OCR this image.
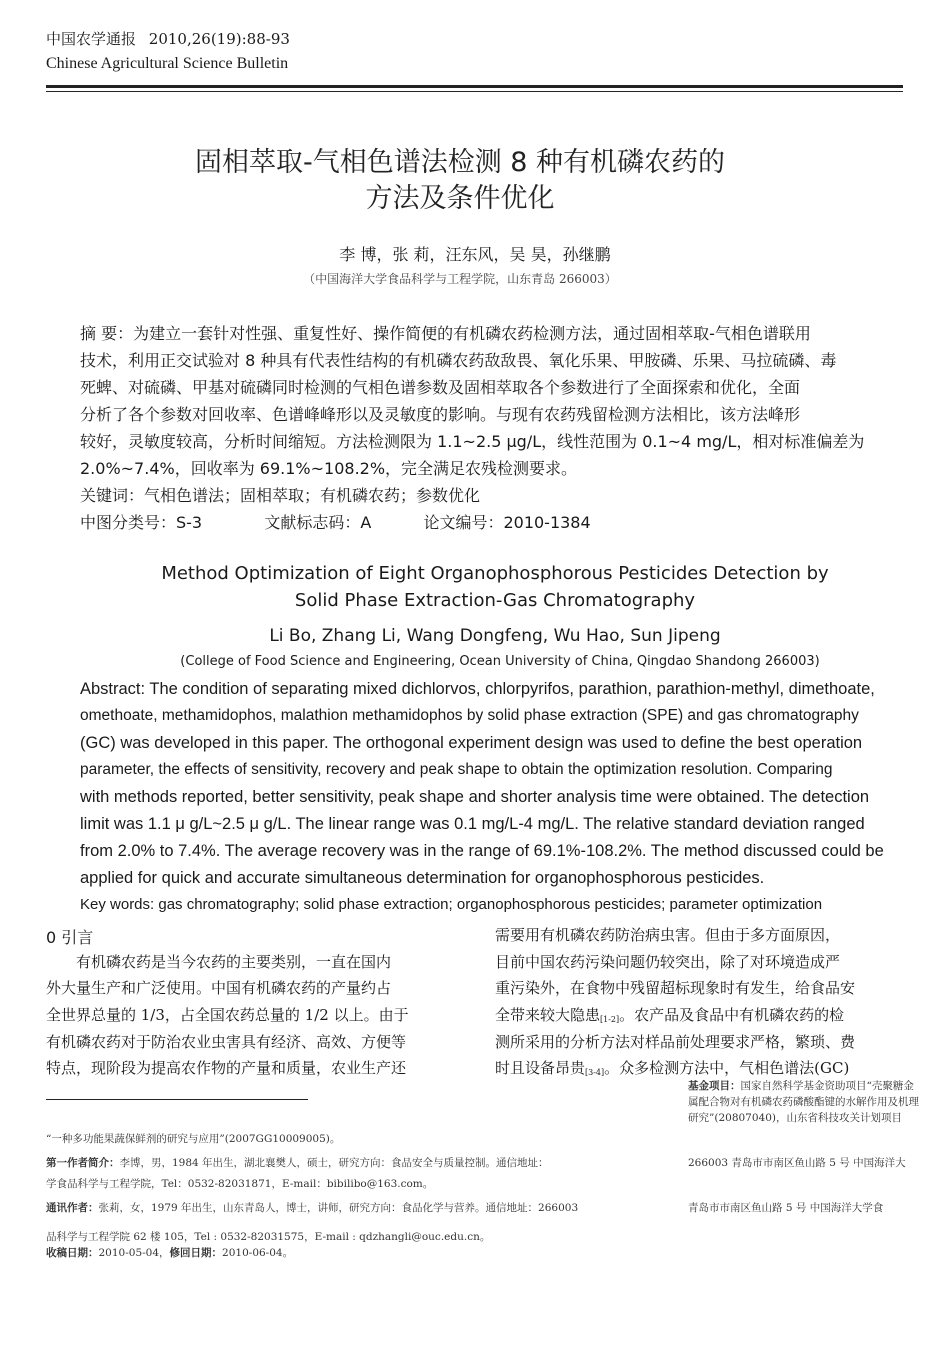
中国农学通报 2010,26(19):88-93
Chinese Agricultural Science Bulletin
固相萃取-气相色谱法检测 8 种有机磷农药的
方法及条件优化
李 博，张 莉，汪东风，吴 昊，孙继鹏
（中国海洋大学食品科学与工程学院，山东青岛 266003）
摘 要：为建立一套针对性强、重复性好、操作简便的有机磷农药检测方法，通过固相萃取-气相色谱联用
技术，利用正交试验对 8 种具有代表性结构的有机磷农药敌敌畏、氧化乐果、甲胺磷、乐果、马拉硫磷、毒
死蜱、对硫磷、甲基对硫磷同时检测的气相色谱参数及固相萃取各个参数进行了全面探索和优化，全面
分析了各个参数对回收率、色谱峰峰形以及灵敏度的影响。与现有农药残留检测方法相比，该方法峰形
较好，灵敏度较高，分析时间缩短。方法检测限为 1.1~2.5 μg/L，线性范围为 0.1~4 mg/L，相对标准偏差为
2.0%~7.4%，回收率为 69.1%~108.2%，完全满足农残检测要求。
关键词：气相色谱法；固相萃取；有机磷农药；参数优化
中图分类号：S-3	文献标志码：A	论文编号：2010-1384
Method Optimization of Eight Organophosphorous Pesticides Detection by
Solid Phase Extraction-Gas Chromatography
Li Bo, Zhang Li, Wang Dongfeng, Wu Hao, Sun Jipeng
(College of Food Science and Engineering, Ocean University of China, Qingdao Shandong 266003)
Abstract: The condition of separating mixed dichlorvos, chlorpyrifos, parathion, parathion-methyl, dimethoate,
omethoate, methamidophos, malathion methamidophos by solid phase extraction (SPE) and gas chromatography
(GC) was developed in this paper. The orthogonal experiment design was used to define the best operation
parameter, the effects of sensitivity, recovery and peak shape to obtain the optimization resolution. Comparing
with methods reported, better sensitivity, peak shape and shorter analysis time were obtained. The detection
limit was 1.1 μ g/L~2.5 μ g/L. The linear range was 0.1 mg/L-4 mg/L. The relative standard deviation ranged
from 2.0% to 7.4%. The average recovery was in the range of 69.1%-108.2%. The method discussed could be
applied for quick and accurate simultaneous determination for organophosphorous pesticides.
Key words: gas chromatography; solid phase extraction; organophosphorous pesticides; parameter optimization
0 引言
有机磷农药是当今农药的主要类别，一直在国内
外大量生产和广泛使用。中国有机磷农药的产量约占
全世界总量的 1/3，占全国农药总量的 1/2 以上。由于
有机磷农药对于防治农业虫害具有经济、高效、方便等
特点，现阶段为提高农作物的产量和质量，农业生产还
需要用有机磷农药防治病虫害。但由于多方面原因，
目前中国农药污染问题仍较突出，除了对环境造成严
重污染外，在食物中残留超标现象时有发生，给食品安
全带来较大隐患[1-2]。农产品及食品中有机磷农药的检
测所采用的分析方法对样品前处理要求严格，繁琐、费
时且设备昂贵[3-4]。众多检测方法中，气相色谱法(GC)
基金项目：国家自然科学基金资助项目“壳聚糖金
属配合物对有机磷农药磷酸酯键的水解作用及机理
研究”(20807040)，山东省科技攻关计划项目
“一种多功能果蔬保鲜剂的研究与应用”(2007GG10009005)。
第一作者简介：李博，男，1984 年出生，湖北襄樊人，硕士，研究方向：食品安全与质量控制。通信地址：	266003 青岛市市南区鱼山路 5 号 中国海洋大
学食品科学与工程学院，Tel：0532-82031871，E-mail：bibilibo@163.com。
通讯作者：张莉，女，1979 年出生，山东青岛人，博士，讲师，研究方向：食品化学与营养。通信地址：266003	青岛市市南区鱼山路 5 号 中国海洋大学食
品科学与工程学院 62 楼 105，Tel : 0532-82031575，E-mail : qdzhangli@ouc.edu.cn。
收稿日期：2010-05-04，修回日期：2010-06-04。
